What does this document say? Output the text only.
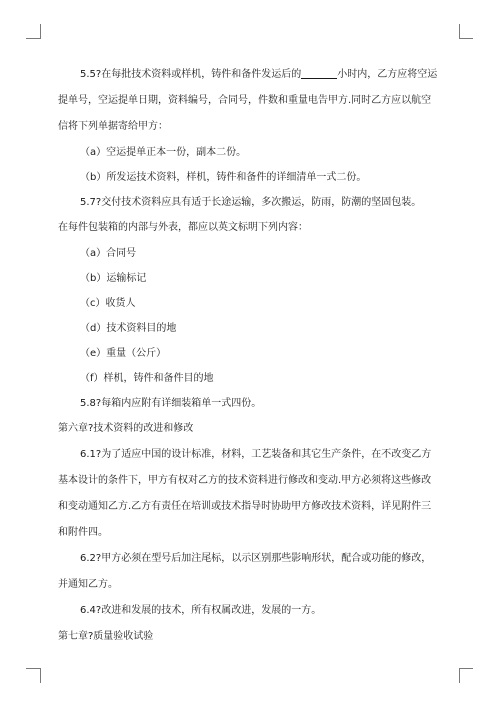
5.5?在每批技术资料或样机，铸件和备件发运后的	小时内，乙方应将空运
提单号，空运提单日期，资料编号，合同号，件数和重量电告甲方.同时乙方应以航空
信将下列单据寄给甲方：
（a）空运提单正本一份，副本二份。
（b）所发运技术资料，样机，铸件和备件的详细清单一式二份。
5.7?交付技术资料应具有适于长途运输，多次搬运，防雨，防潮的坚固包装。
在每件包装箱的内部与外表，都应以英文标明下列内容：
（a）合同号
（b）运输标记
（c）收货人
（d）技术资料目的地
（e）重量（公斤）
（f）样机，铸件和备件目的地
5.8?每箱内应附有详细装箱单一式四份。
第六章?技术资料的改进和修改
6.1?为了适应中国的设计标准，材料，工艺装备和其它生产条件，在不改变乙方
基本设计的条件下，甲方有权对乙方的技术资料进行修改和变动.甲方必须将这些修改
和变动通知乙方.乙方有责任在培训或技术指导时协助甲方修改技术资料，详见附件三
和附件四。
6.2?甲方必须在型号后加注尾标，以示区别那些影响形状，配合或功能的修改，
并通知乙方。
6.4?改进和发展的技术，所有权属改进，发展的一方。
第七章?质量验收试验
